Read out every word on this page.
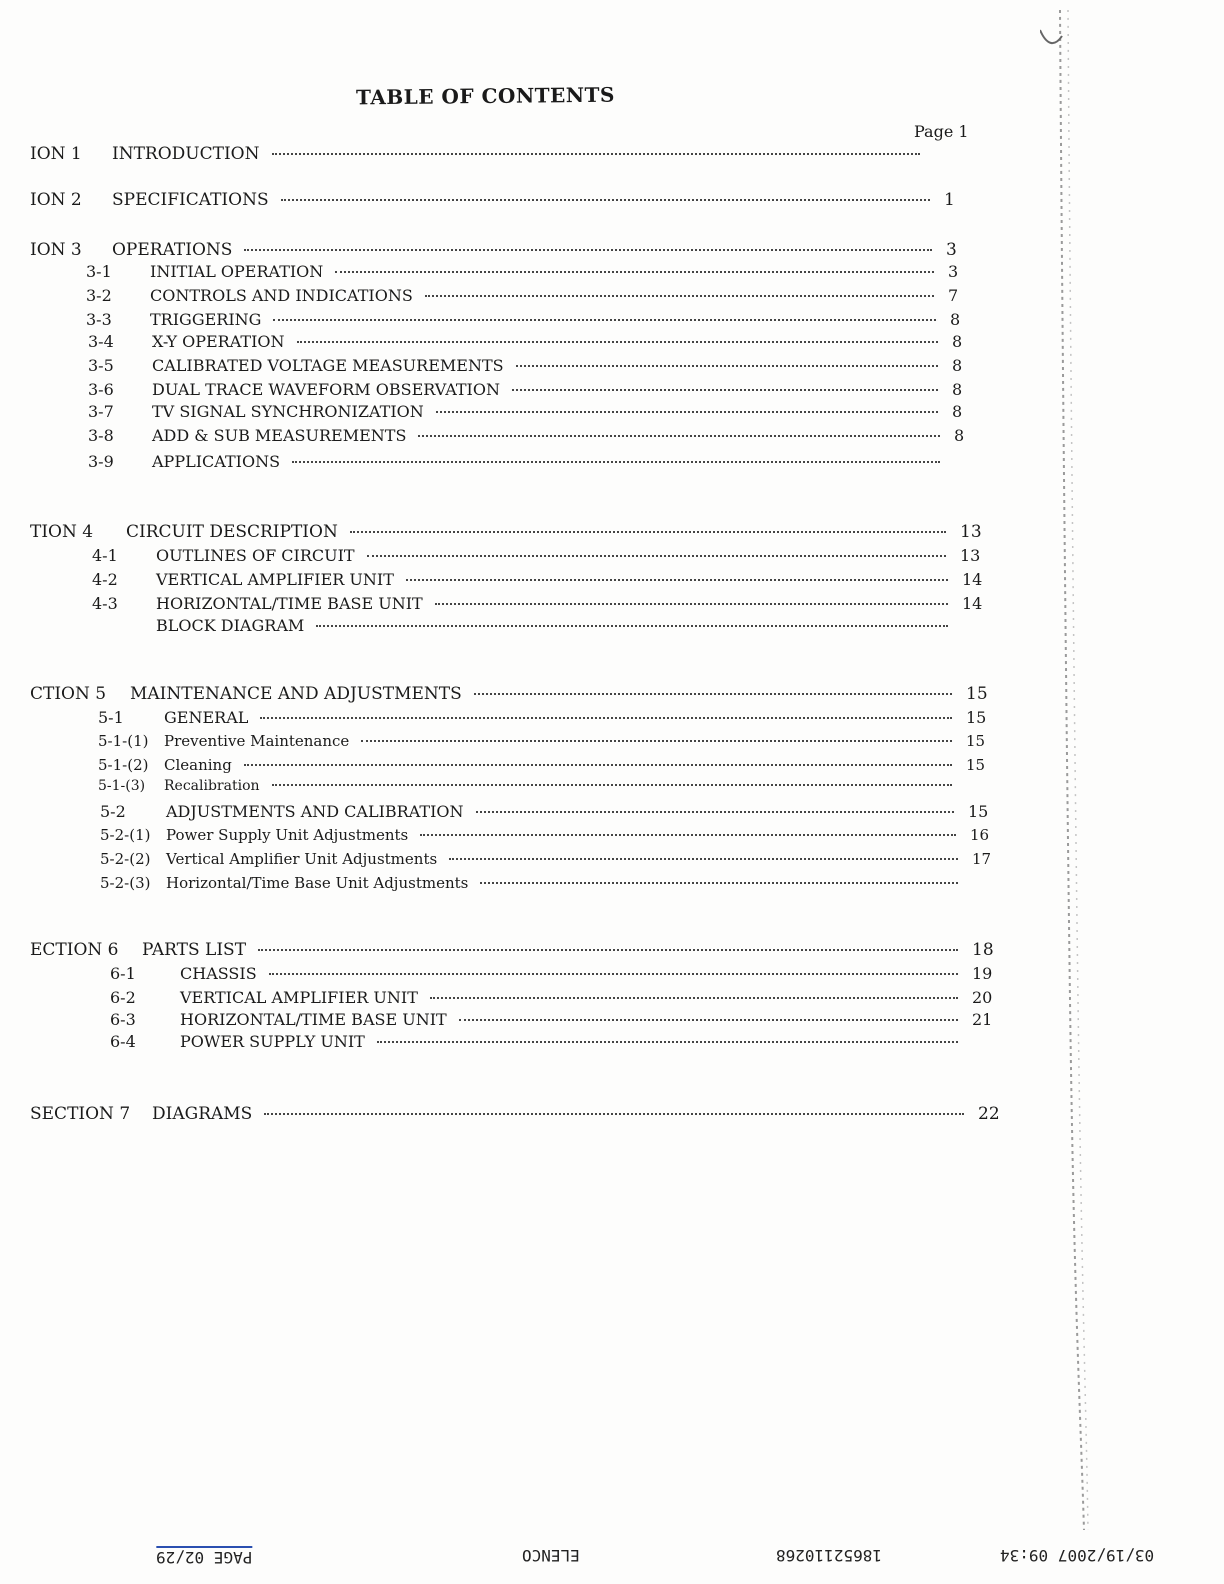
TABLE OF CONTENTS
Page 1
ION 1	INTRODUCTION
ION 2	SPECIFICATIONS	1
ION 3	OPERATIONS	3
3-1	INITIAL OPERATION	3
3-2	CONTROLS AND INDICATIONS	7
3-3	TRIGGERING	8
3-4	X-Y OPERATION	8
3-5	CALIBRATED VOLTAGE MEASUREMENTS	8
3-6	DUAL TRACE WAVEFORM OBSERVATION	8
3-7	TV SIGNAL SYNCHRONIZATION	8
3-8	ADD & SUB MEASUREMENTS	8
3-9	APPLICATIONS
TION 4	CIRCUIT DESCRIPTION	13
4-1	OUTLINES OF CIRCUIT	13
4-2	VERTICAL AMPLIFIER UNIT	14
4-3	HORIZONTAL/TIME BASE UNIT	14
BLOCK DIAGRAM
CTION 5	MAINTENANCE AND ADJUSTMENTS	15
5-1	GENERAL	15
5-1-(1)	Preventive Maintenance	15
5-1-(2)	Cleaning	15
5-1-(3)	Recalibration
5-2	ADJUSTMENTS AND CALIBRATION	15
5-2-(1)	Power Supply Unit Adjustments	16
5-2-(2)	Vertical Amplifier Unit Adjustments	17
5-2-(3)	Horizontal/Time Base Unit Adjustments
ECTION 6	PARTS LIST	18
6-1	CHASSIS	19
6-2	VERTICAL AMPLIFIER UNIT	20
6-3	HORIZONTAL/TIME BASE UNIT	21
6-4	POWER SUPPLY UNIT
SECTION 7	DIAGRAMS	22
03/19/2007 09:34
18652110268
ELENCO
PAGE 02/29
